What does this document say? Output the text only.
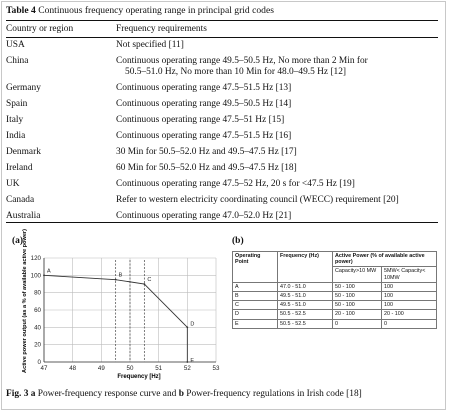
Table 4 Continuous frequency operating range in principal grid codes
Country or region	Frequency requirements
USA	Not specified [11]
China	Continuous operating range 49.5–50.5 Hz, No more than 2 Min for
50.5–51.0 Hz, No more than 10 Min for 48.0–49.5 Hz [12]
Germany	Continuous operating range 47.5–51.5 Hz [13]
Spain	Continuous operating range 49.5–50.5 Hz [14]
Italy	Continuous operating range 47.5–51 Hz [15]
India	Continuous operating range 47.5–51.5 Hz [16]
Denmark	30 Min for 50.5–52.0 Hz and 49.5–47.5 Hz [17]
Ireland	60 Min for 50.5–52.0 Hz and 49.5–47.5 Hz [18]
UK	Continuous operating range 47.5–52 Hz, 20 s for <47.5 Hz [19]
Canada	Refer to western electricity coordinating council (WECC) requirement [20]
Australia	Continuous operating range 47.0–52.0 Hz [21]
(a)	(b)
47	48	49	50	51	52	53
0
20
40
60
80
100
120
A
B
C
D
E
Active power output (as a % of available active power)
Frequency [Hz]
Operating Point	Frequency (Hz)	Active Power (% of available active power)	
		Capacity>10 MW	5MW< Capacity< 10MW
A	47.0 - 51.0	50 - 100	100
B	49.5 - 51.0	50 - 100	100
C	49.5 - 51.0	50 - 100	100
D	50.5 - 52.5	20 - 100	20 - 100
E	50.5 - 52.5	0	0
Fig. 3 a Power-frequency response curve and b Power-frequency regulations in Irish code [18]
